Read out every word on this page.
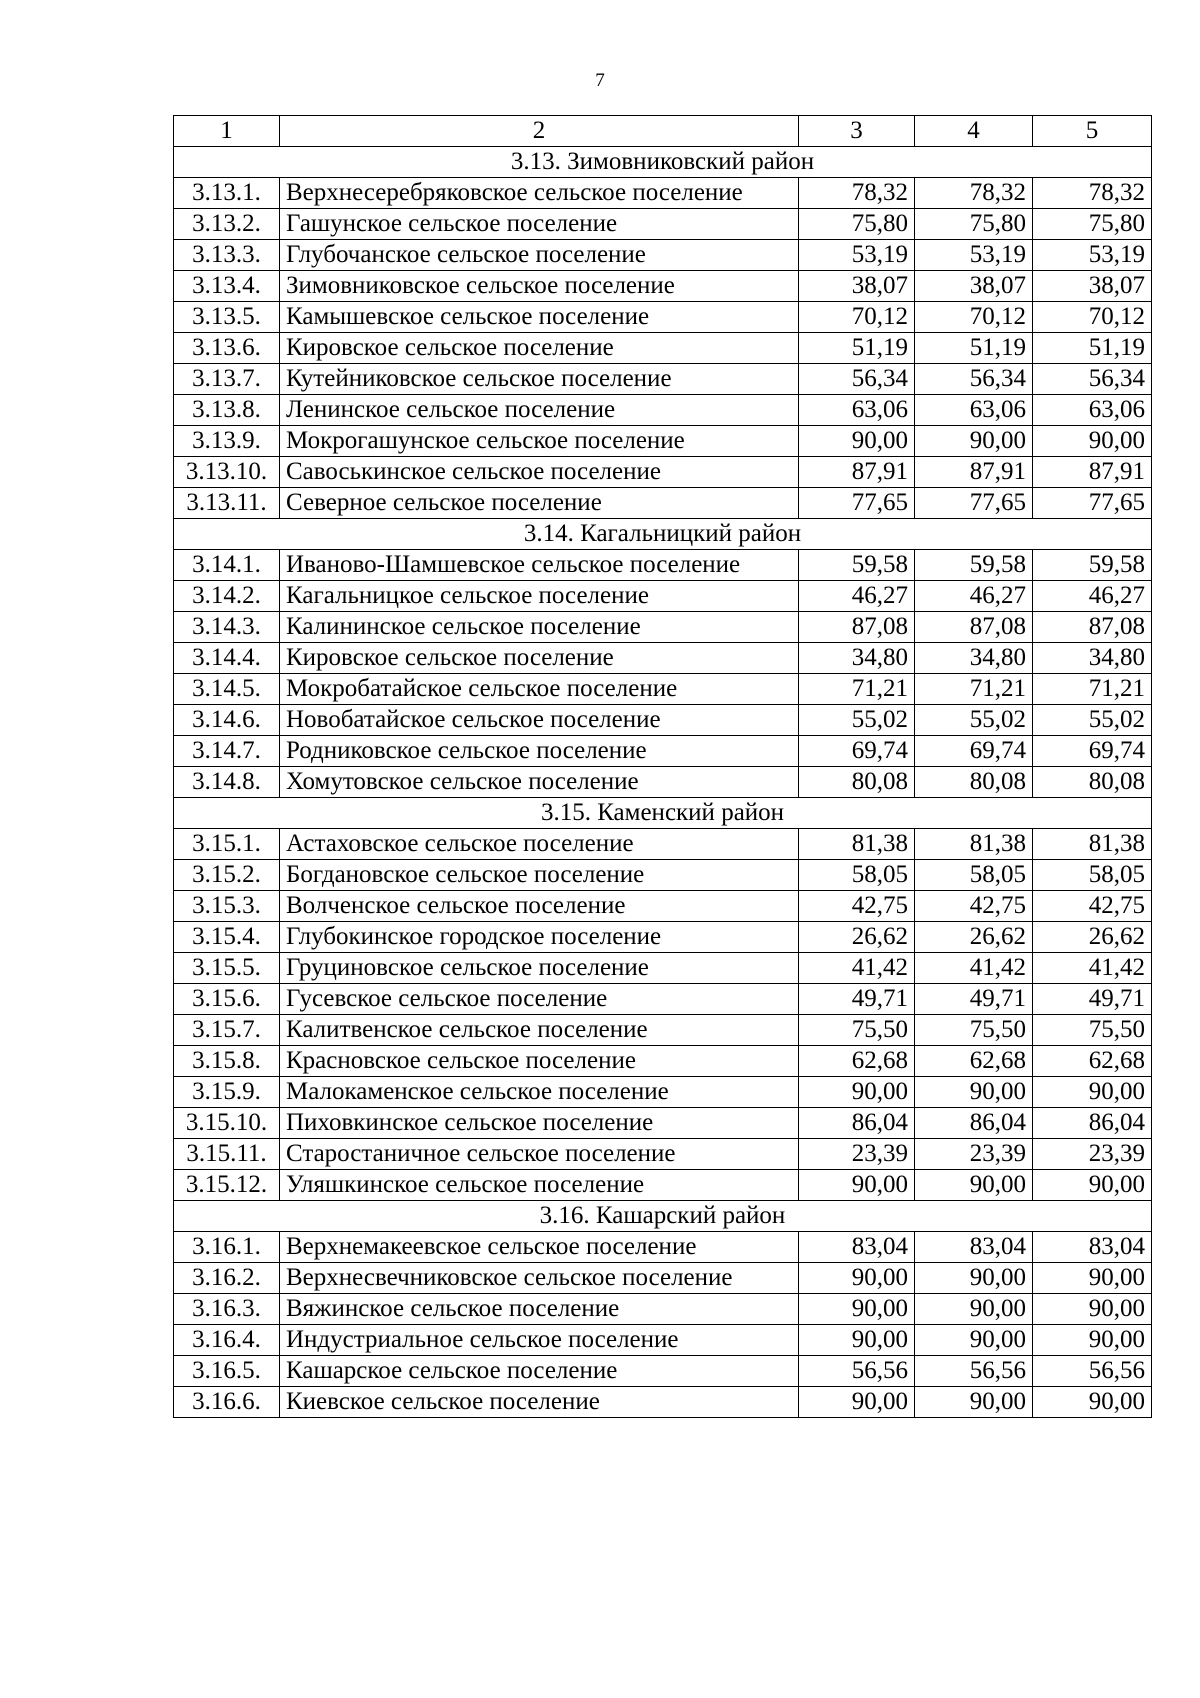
7
1	2	3	4	5
3.13. Зимовниковский район				
3.13.1.	Верхнесеребряковское сельское поселение	78,32	78,32	78,32
3.13.2.	Гашунское сельское поселение	75,80	75,80	75,80
3.13.3.	Глубочанское сельское поселение	53,19	53,19	53,19
3.13.4.	Зимовниковское сельское поселение	38,07	38,07	38,07
3.13.5.	Камышевское сельское поселение	70,12	70,12	70,12
3.13.6.	Кировское сельское поселение	51,19	51,19	51,19
3.13.7.	Кутейниковское сельское поселение	56,34	56,34	56,34
3.13.8.	Ленинское сельское поселение	63,06	63,06	63,06
3.13.9.	Мокрогашунское сельское поселение	90,00	90,00	90,00
3.13.10.	Савоськинское сельское поселение	87,91	87,91	87,91
3.13.11.	Северное сельское поселение	77,65	77,65	77,65
3.14. Кагальницкий район				
3.14.1.	Иваново-Шамшевское сельское поселение	59,58	59,58	59,58
3.14.2.	Кагальницкое сельское поселение	46,27	46,27	46,27
3.14.3.	Калининское сельское поселение	87,08	87,08	87,08
3.14.4.	Кировское сельское поселение	34,80	34,80	34,80
3.14.5.	Мокробатайское сельское поселение	71,21	71,21	71,21
3.14.6.	Новобатайское сельское поселение	55,02	55,02	55,02
3.14.7.	Родниковское сельское поселение	69,74	69,74	69,74
3.14.8.	Хомутовское сельское поселение	80,08	80,08	80,08
3.15. Каменский район				
3.15.1.	Астаховское сельское поселение	81,38	81,38	81,38
3.15.2.	Богдановское сельское поселение	58,05	58,05	58,05
3.15.3.	Волченское сельское поселение	42,75	42,75	42,75
3.15.4.	Глубокинское городское поселение	26,62	26,62	26,62
3.15.5.	Груциновское сельское поселение	41,42	41,42	41,42
3.15.6.	Гусевское сельское поселение	49,71	49,71	49,71
3.15.7.	Калитвенское сельское поселение	75,50	75,50	75,50
3.15.8.	Красновское сельское поселение	62,68	62,68	62,68
3.15.9.	Малокаменское сельское поселение	90,00	90,00	90,00
3.15.10.	Пиховкинское сельское поселение	86,04	86,04	86,04
3.15.11.	Старостаничное сельское поселение	23,39	23,39	23,39
3.15.12.	Уляшкинское сельское поселение	90,00	90,00	90,00
3.16. Кашарский район				
3.16.1.	Верхнемакеевское сельское поселение	83,04	83,04	83,04
3.16.2.	Верхнесвечниковское сельское поселение	90,00	90,00	90,00
3.16.3.	Вяжинское сельское поселение	90,00	90,00	90,00
3.16.4.	Индустриальное сельское поселение	90,00	90,00	90,00
3.16.5.	Кашарское сельское поселение	56,56	56,56	56,56
3.16.6.	Киевское сельское поселение	90,00	90,00	90,00
